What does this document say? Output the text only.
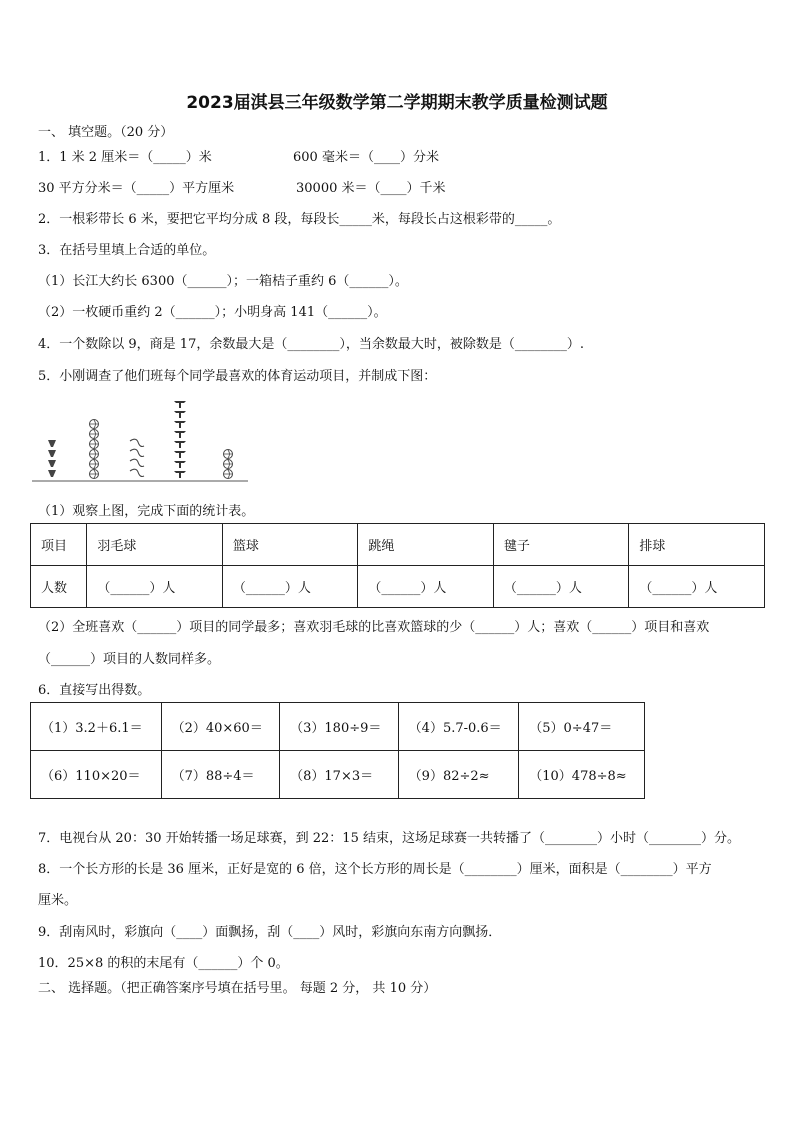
2023届淇县三年级数学第二学期期末教学质量检测试题
一、 填空题。（20 分）
1．1 米 2 厘米＝（_____）米	600 毫米＝（____）分米
30 平方分米＝（_____）平方厘米	30000 米＝（____）千米
2．一根彩带长 6 米，要把它平均分成 8 段，每段长_____米，每段长占这根彩带的_____。
3．在括号里填上合适的单位。
（1）长江大约长 6300（______）；一箱桔子重约 6（______）。
（2）一枚硬币重约 2（______）；小明身高 141（______）。
4．一个数除以 9，商是 17，余数最大是（________），当余数最大时，被除数是（________）.
5．小刚调查了他们班每个同学最喜欢的体育运动项目，并制成下图：
（1）观察上图，完成下面的统计表。
项目	羽毛球	篮球	跳绳	毽子	排球
人数	（______）人	（______）人	（______）人	（______）人	（______）人
（2）全班喜欢（______）项目的同学最多；喜欢羽毛球的比喜欢篮球的少（______）人；喜欢（______）项目和喜欢
（______）项目的人数同样多。
6．直接写出得数。
（1）3.2＋6.1＝	（2）40×60＝	（3）180÷9＝	（4）5.7-0.6＝	（5）0÷47＝
（6）110×20＝	（7）88÷4＝	（8）17×3＝	（9）82÷2≈	（10）478÷8≈
7．电视台从 20：30 开始转播一场足球赛，到 22：15 结束，这场足球赛一共转播了（________）小时（________）分。
8．一个长方形的长是 36 厘米，正好是宽的 6 倍，这个长方形的周长是（________）厘米，面积是（________）平方
厘米。
9．刮南风时，彩旗向（____）面飘扬，刮（____）风时，彩旗向东南方向飘扬．
10．25×8 的积的末尾有（______）个 0。
二、 选择题。（把正确答案序号填在括号里。 每题 2 分， 共 10 分）
